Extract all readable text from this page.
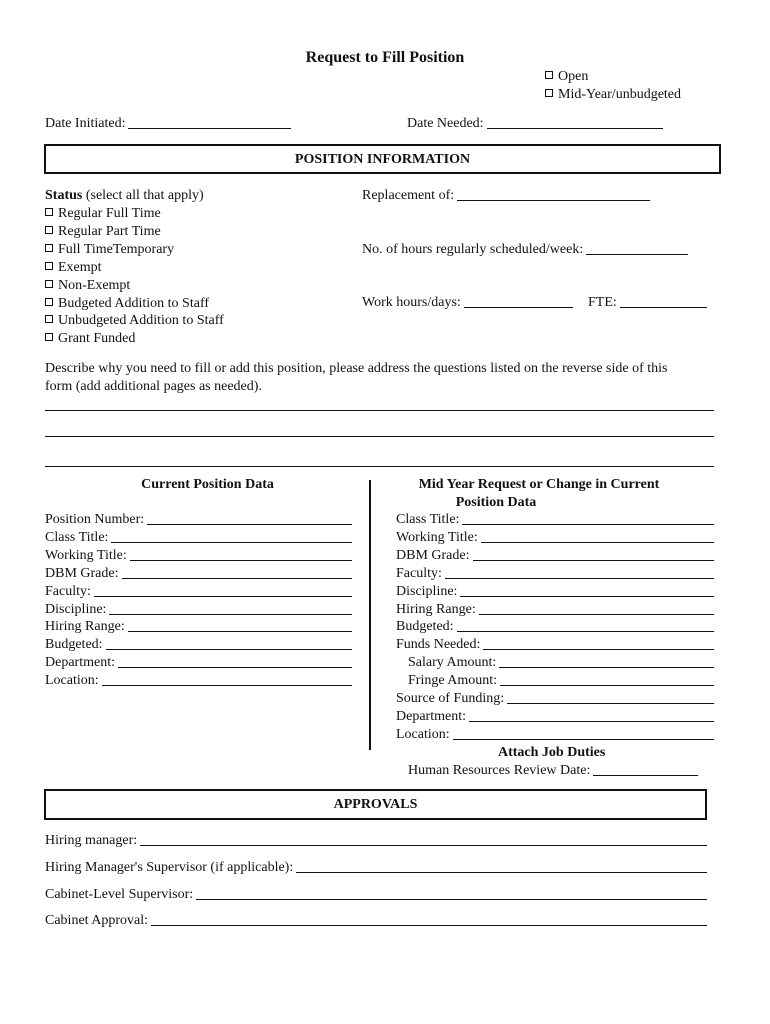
Request to Fill Position
Open
Mid-Year/unbudgeted
Date Initiated:	Date Needed:
POSITION INFORMATION
Status (select all that apply)
Regular Full Time
Regular Part Time
Full TimeTemporary
Exempt
Non-Exempt
Budgeted Addition to Staff
Unbudgeted Addition to Staff
Grant Funded
Replacement of:
No. of hours regularly scheduled/week:
Work hours/days:	FTE:
Describe why you need to fill or add this position, please address the questions listed on the reverse side of this
form (add additional pages as needed).
Current Position Data
Position Number:
Class Title:
Working Title:
DBM Grade:
Faculty:
Discipline:
Hiring Range:
Budgeted:
Department:
Location:
Mid Year Request or Change in Current
Position Data
Class Title:
Working Title:
DBM Grade:
Faculty:
Discipline:
Hiring Range:
Budgeted:
Funds Needed:
Salary Amount:
Fringe Amount:
Source of Funding:
Department:
Location:
Attach Job Duties
Human Resources Review Date:
APPROVALS
Hiring manager:
Hiring Manager's Supervisor (if applicable):
Cabinet-Level Supervisor:
Cabinet Approval:
